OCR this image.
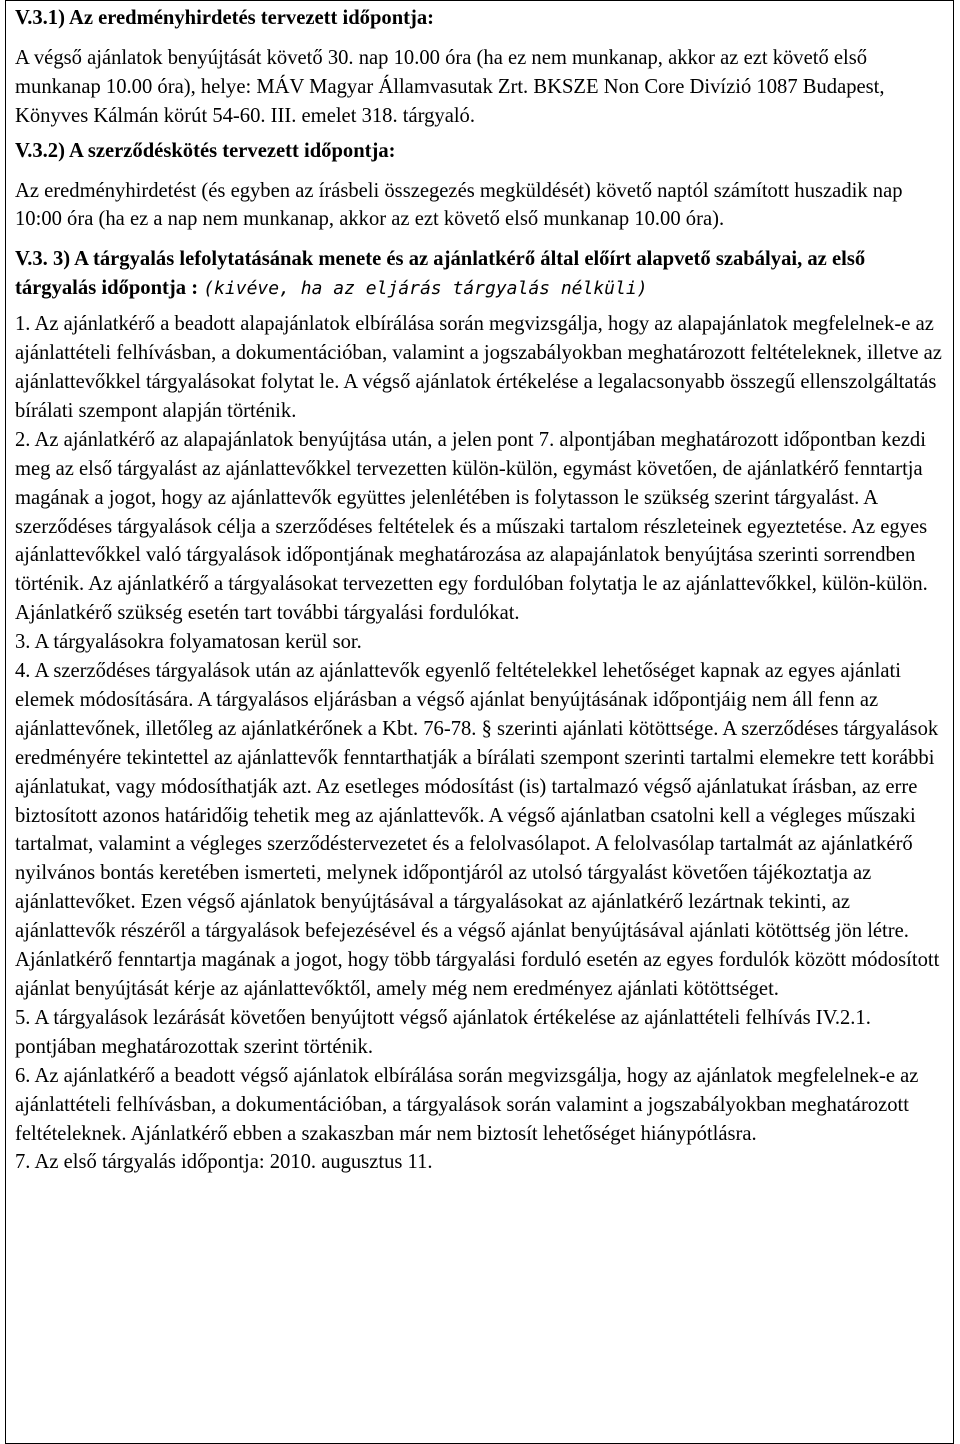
V.3.1) Az eredményhirdetés tervezett időpontja:

A végső ajánlatok benyújtását követő 30. nap 10.00 óra (ha ez nem munkanap, akkor az ezt követő első munkanap 10.00 óra), helye: MÁV Magyar Államvasutak Zrt. BKSZE Non Core Divízió 1087 Budapest, Könyves Kálmán körút 54-60. III. emelet 318. tárgyaló.

V.3.2) A szerződéskötés tervezett időpontja:

Az eredményhirdetést (és egyben az írásbeli összegezés megküldését) követő naptól számított huszadik nap 10:00 óra (ha ez a nap nem munkanap, akkor az ezt követő első munkanap 10.00 óra).

V.3. 3) A tárgyalás lefolytatásának menete és az ajánlatkérő által előírt alapvető szabályai, az első tárgyalás időpontja : (kivéve, ha az eljárás tárgyalás nélküli)

1. Az ajánlatkérő a beadott alapajánlatok elbírálása során megvizsgálja, hogy az alapajánlatok megfelelnek-e az ajánlattételi felhívásban, a dokumentációban, valamint a jogszabályokban meghatározott feltételeknek, illetve az ajánlattevőkkel tárgyalásokat folytat le. A végső ajánlatok értékelése a legalacsonyabb összegű ellenszolgáltatás bírálati szempont alapján történik.

2. Az ajánlatkérő az alapajánlatok benyújtása után, a jelen pont 7. alpontjában meghatározott időpontban kezdi meg az első tárgyalást az ajánlattevőkkel tervezetten külön-külön, egymást követően, de ajánlatkérő fenntartja magának a jogot, hogy az ajánlattevők együttes jelenlétében is folytasson le szükség szerint tárgyalást. A szerződéses tárgyalások célja a szerződéses feltételek és a műszaki tartalom részleteinek egyeztetése. Az egyes ajánlattevőkkel való tárgyalások időpontjának meghatározása az alapajánlatok benyújtása szerinti sorrendben történik. Az ajánlatkérő a tárgyalásokat tervezetten egy fordulóban folytatja le az ajánlattevőkkel, külön-külön. Ajánlatkérő szükség esetén tart további tárgyalási fordulókat.

3. A tárgyalásokra folyamatosan kerül sor.

4. A szerződéses tárgyalások után az ajánlattevők egyenlő feltételekkel lehetőséget kapnak az egyes ajánlati elemek módosítására. A tárgyalásos eljárásban a végső ajánlat benyújtásának időpontjáig nem áll fenn az ajánlattevőnek, illetőleg az ajánlatkérőnek a Kbt. 76-78. § szerinti ajánlati kötöttsége. A szerződéses tárgyalások eredményére tekintettel az ajánlattevők fenntarthatják a bírálati szempont szerinti tartalmi elemekre tett korábbi ajánlatukat, vagy módosíthatják azt. Az esetleges módosítást (is) tartalmazó végső ajánlatukat írásban, az erre biztosított azonos határidőig tehetik meg az ajánlattevők. A végső ajánlatban csatolni kell a végleges műszaki tartalmat, valamint a végleges szerződéstervezetet és a felolvasólapot. A felolvasólap tartalmát az ajánlatkérő nyilvános bontás keretében ismerteti, melynek időpontjáról az utolsó tárgyalást követően tájékoztatja az ajánlattevőket. Ezen végső ajánlatok benyújtásával a tárgyalásokat az ajánlatkérő lezártnak tekinti, az ajánlattevők részéről a tárgyalások befejezésével és a végső ajánlat benyújtásával ajánlati kötöttség jön létre. Ajánlatkérő fenntartja magának a jogot, hogy több tárgyalási forduló esetén az egyes fordulók között módosított ajánlat benyújtását kérje az ajánlattevőktől, amely még nem eredményez ajánlati kötöttséget.

5. A tárgyalások lezárását követően benyújtott végső ajánlatok értékelése az ajánlattételi felhívás IV.2.1. pontjában meghatározottak szerint történik.

6. Az ajánlatkérő a beadott végső ajánlatok elbírálása során megvizsgálja, hogy az ajánlatok megfelelnek-e az ajánlattételi felhívásban, a dokumentációban, a tárgyalások során valamint a jogszabályokban meghatározott feltételeknek. Ajánlatkérő ebben a szakaszban már nem biztosít lehetőséget hiánypótlásra.

7. Az első tárgyalás időpontja: 2010. augusztus 11.
